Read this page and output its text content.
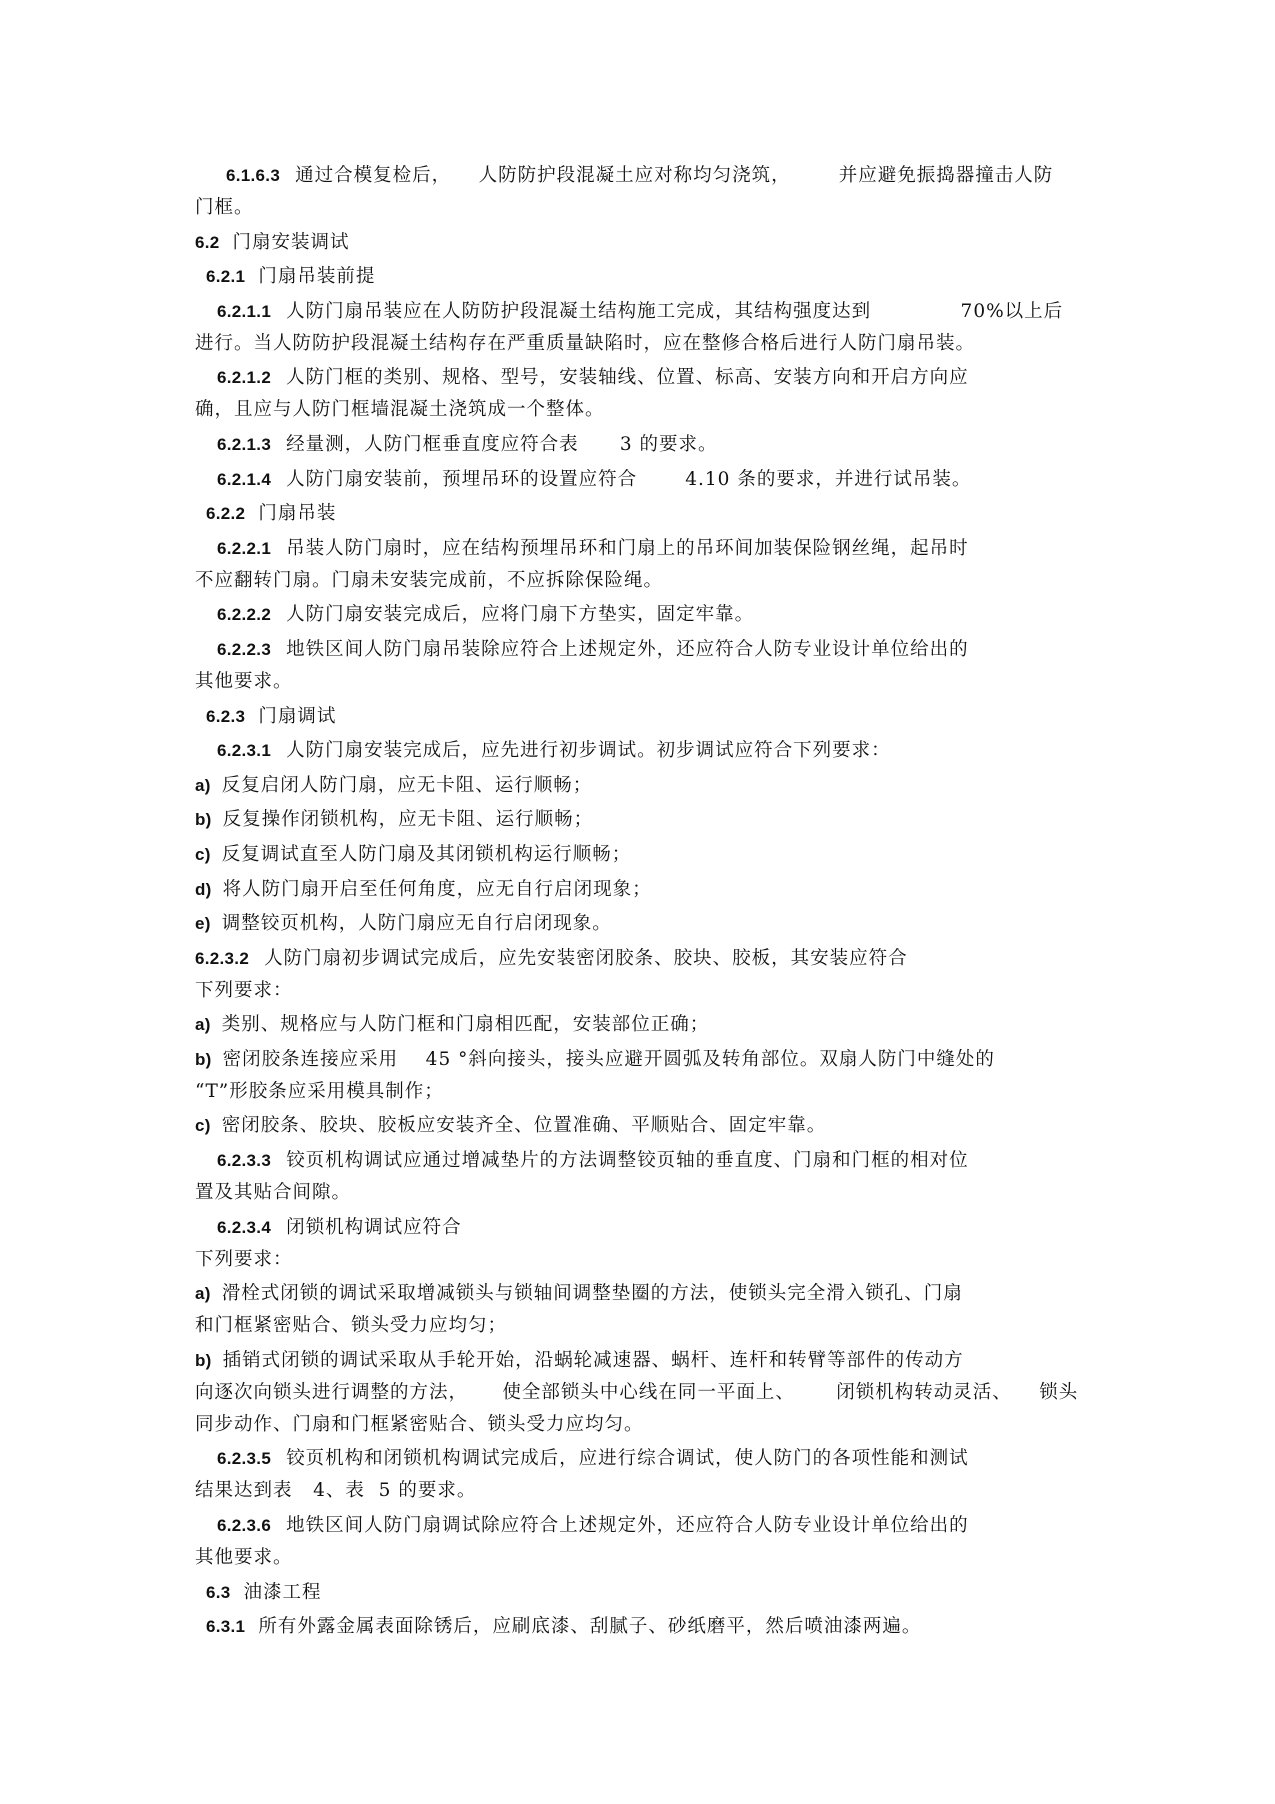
6.1.6.3 通过合模复检后，    人防防护段混凝土应对称均匀浇筑，       并应避免振捣器撞击人防
门框。
6.2 门扇安装调试
6.2.1 门扇吊装前提
6.2.1.1 人防门扇吊装应在人防防护段混凝土结构施工完成，其结构强度达到             70%以上后
进行。当人防防护段混凝土结构存在严重质量缺陷时，应在整修合格后进行人防门扇吊装。
6.2.1.2 人防门框的类别、规格、型号，安装轴线、位置、标高、安装方向和开启方向应
确，且应与人防门框墙混凝土浇筑成一个整体。
6.2.1.3 经量测，人防门框垂直度应符合表      3 的要求。
6.2.1.4 人防门扇安装前，预埋吊环的设置应符合       4.10 条的要求，并进行试吊装。
6.2.2 门扇吊装
6.2.2.1 吊装人防门扇时，应在结构预埋吊环和门扇上的吊环间加装保险钢丝绳，起吊时
不应翻转门扇。门扇未安装完成前，不应拆除保险绳。
6.2.2.2 人防门扇安装完成后，应将门扇下方垫实，固定牢靠。
6.2.2.3 地铁区间人防门扇吊装除应符合上述规定外，还应符合人防专业设计单位给出的
其他要求。
6.2.3 门扇调试
6.2.3.1 人防门扇安装完成后，应先进行初步调试。初步调试应符合下列要求：
a) 反复启闭人防门扇，应无卡阻、运行顺畅；
b) 反复操作闭锁机构，应无卡阻、运行顺畅；
c) 反复调试直至人防门扇及其闭锁机构运行顺畅；
d) 将人防门扇开启至任何角度，应无自行启闭现象；
e) 调整铰页机构，人防门扇应无自行启闭现象。
6.2.3.2 人防门扇初步调试完成后，应先安装密闭胶条、胶块、胶板，其安装应符合
下列要求：
a) 类别、规格应与人防门框和门扇相匹配，安装部位正确；
b) 密闭胶条连接应采用    45 °斜向接头，接头应避开圆弧及转角部位。双扇人防门中缝处的
“T”形胶条应采用模具制作；
c) 密闭胶条、胶块、胶板应安装齐全、位置准确、平顺贴合、固定牢靠。
6.2.3.3 铰页机构调试应通过增减垫片的方法调整铰页轴的垂直度、门扇和门框的相对位
置及其贴合间隙。
6.2.3.4 闭锁机构调试应符合
下列要求：
a) 滑栓式闭锁的调试采取增减锁头与锁轴间调整垫圈的方法，使锁头完全滑入锁孔、门扇
和门框紧密贴合、锁头受力应均匀；
b) 插销式闭锁的调试采取从手轮开始，沿蜗轮减速器、蜗杆、连杆和转臂等部件的传动方
向逐次向锁头进行调整的方法，     使全部锁头中心线在同一平面上、      闭锁机构转动灵活、    锁头
同步动作、门扇和门框紧密贴合、锁头受力应均匀。
6.2.3.5 铰页机构和闭锁机构调试完成后，应进行综合调试，使人防门的各项性能和测试
结果达到表   4、表  5 的要求。
6.2.3.6 地铁区间人防门扇调试除应符合上述规定外，还应符合人防专业设计单位给出的
其他要求。
6.3 油漆工程
6.3.1 所有外露金属表面除锈后，应刷底漆、刮腻子、砂纸磨平，然后喷油漆两遍。
